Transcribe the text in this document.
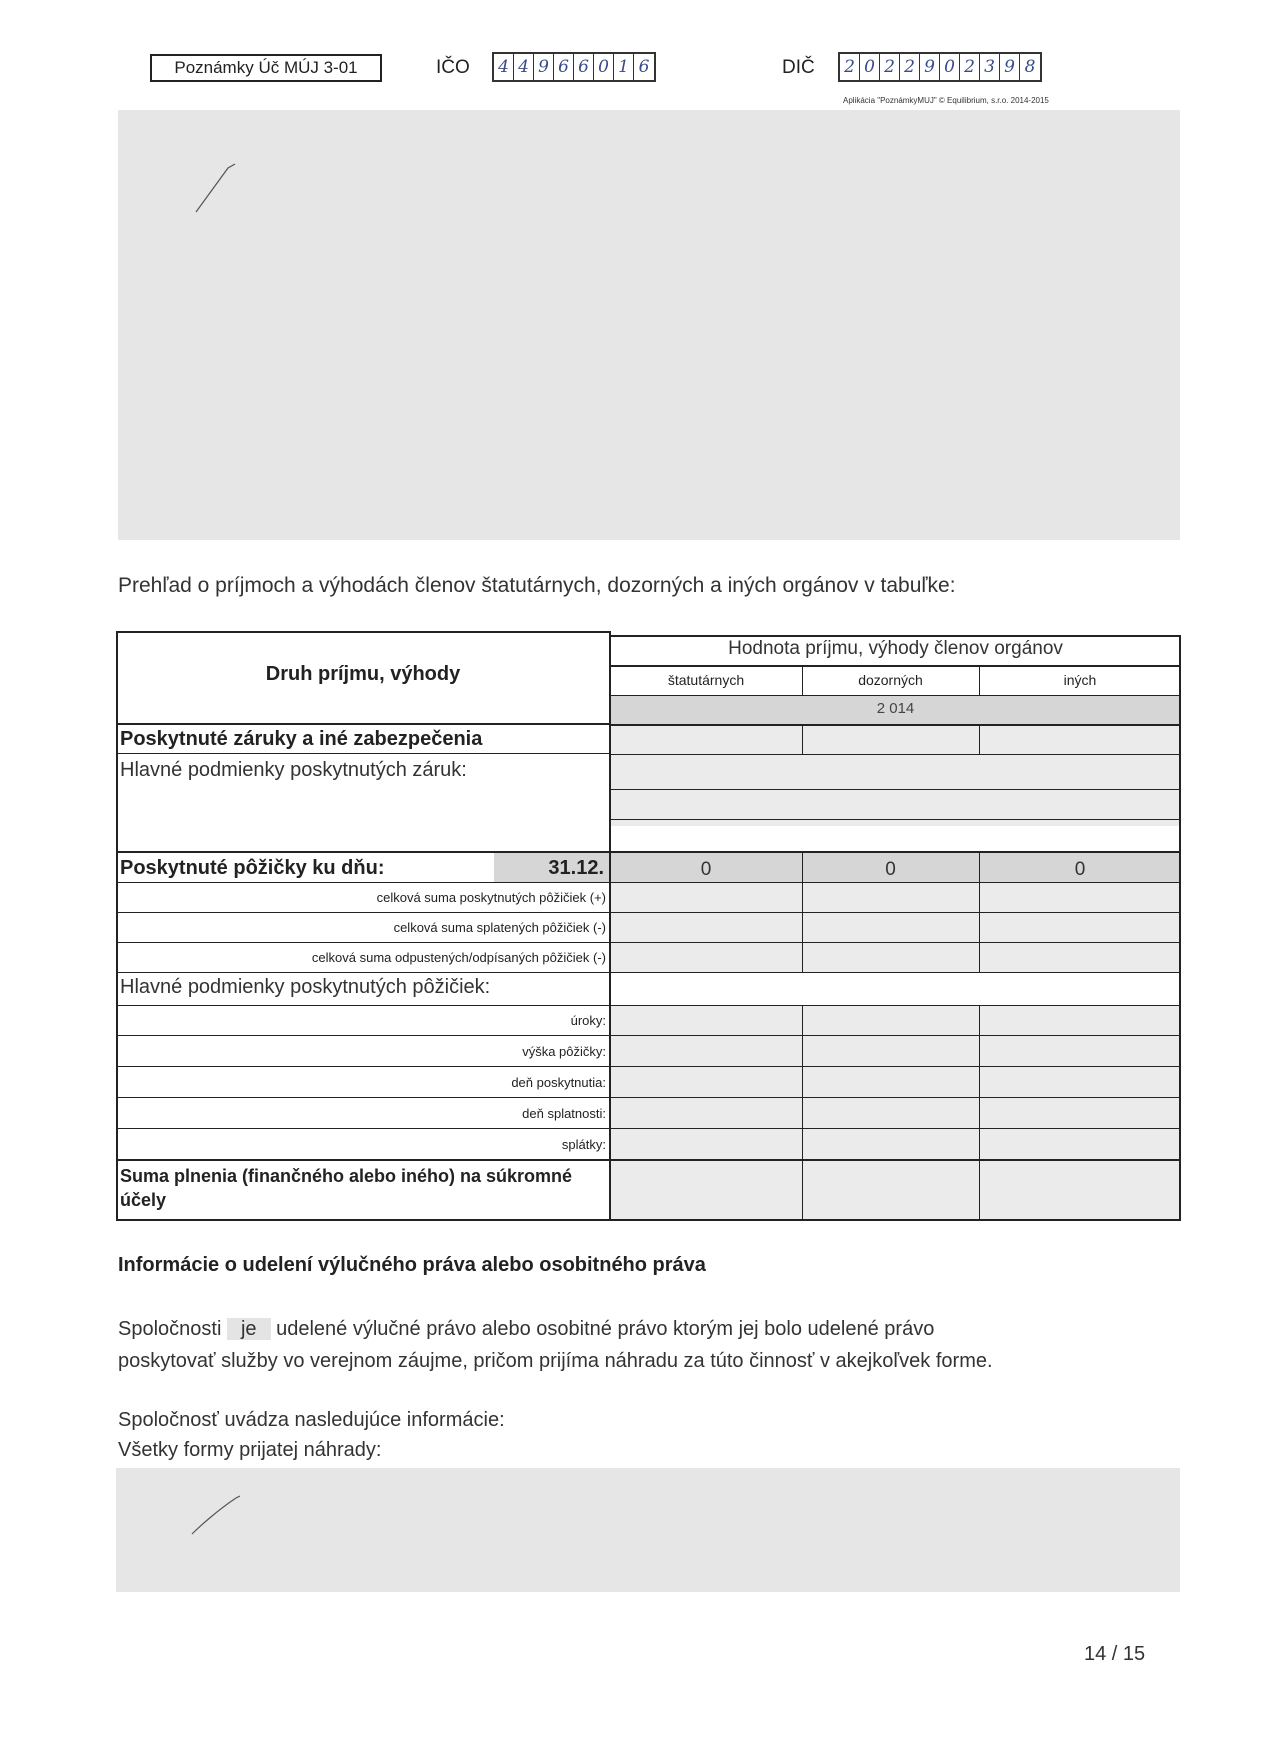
Poznámky Úč MÚJ 3-01	IČO 4 4 9 6 6 0 1 6	DIČ 2 0 2 2 9 0 2 3 9 8
Aplikácia "PoznámkyMUJ" © Equilibrium, s.r.o. 2014-2015
Prehľad o príjmoch a výhodách členov štatutárnych, dozorných a iných orgánov v tabuľke:
Druh príjmu, výhody
Hodnota príjmu, výhody členov orgánov
štatutárnych	dozorných	iných
2 014
Poskytnuté záruky a iné zabezpečenia
Hlavné podmienky poskytnutých záruk:
Poskytnuté pôžičky ku dňu:	31.12.	0	0	0
celková suma poskytnutých pôžičiek (+)
celková suma splatených pôžičiek (-)
celková suma odpustených/odpísaných pôžičiek (-)
Hlavné podmienky poskytnutých pôžičiek:
úroky:
výška pôžičky:
deň poskytnutia:
deň splatnosti:
splátky:
Suma plnenia (finančného alebo iného) na súkromné
účely
Informácie o udelení výlučného práva alebo osobitného práva
Spoločnosti je udelené výlučné právo alebo osobitné právo ktorým jej bolo udelené právo
poskytovať služby vo verejnom záujme, pričom prijíma náhradu za túto činnosť v akejkoľvek forme.
Spoločnosť uvádza nasledujúce informácie:
Všetky formy prijatej náhrady:
14 / 15
